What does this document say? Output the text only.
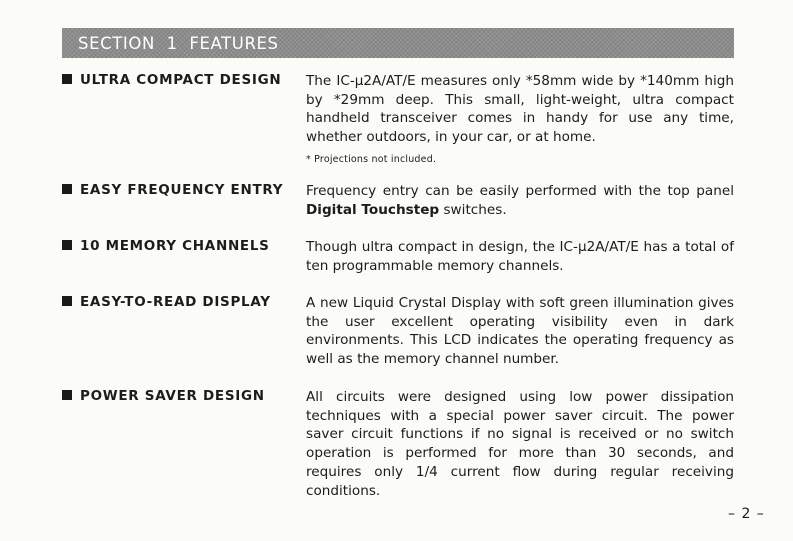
SECTION  1  FEATURES
ULTRA COMPACT DESIGN	The IC-µ2A/AT/E measures only *58mm wide by *140mm high by *29mm deep. This small, light-weight, ultra compact handheld transceiver comes in handy for use any time, whether outdoors, in your car, or at home.
* Projections not included.
EASY FREQUENCY ENTRY	Frequency entry can be easily performed with the top panel Digital Touchstep switches.
10 MEMORY CHANNELS	Though ultra compact in design, the IC-µ2A/AT/E has a total of ten programmable memory channels.
EASY-TO-READ DISPLAY	A new Liquid Crystal Display with soft green illumination gives the user excellent operating visibility even in dark environments. This LCD indicates the operating frequency as well as the memory channel number.
POWER SAVER DESIGN	All circuits were designed using low power dissipation techniques with a special power saver circuit. The power saver circuit functions if no signal is received or no switch operation is performed for more than 30 seconds, and requires only 1/4 current flow during regular receiving conditions.
– 2 –
